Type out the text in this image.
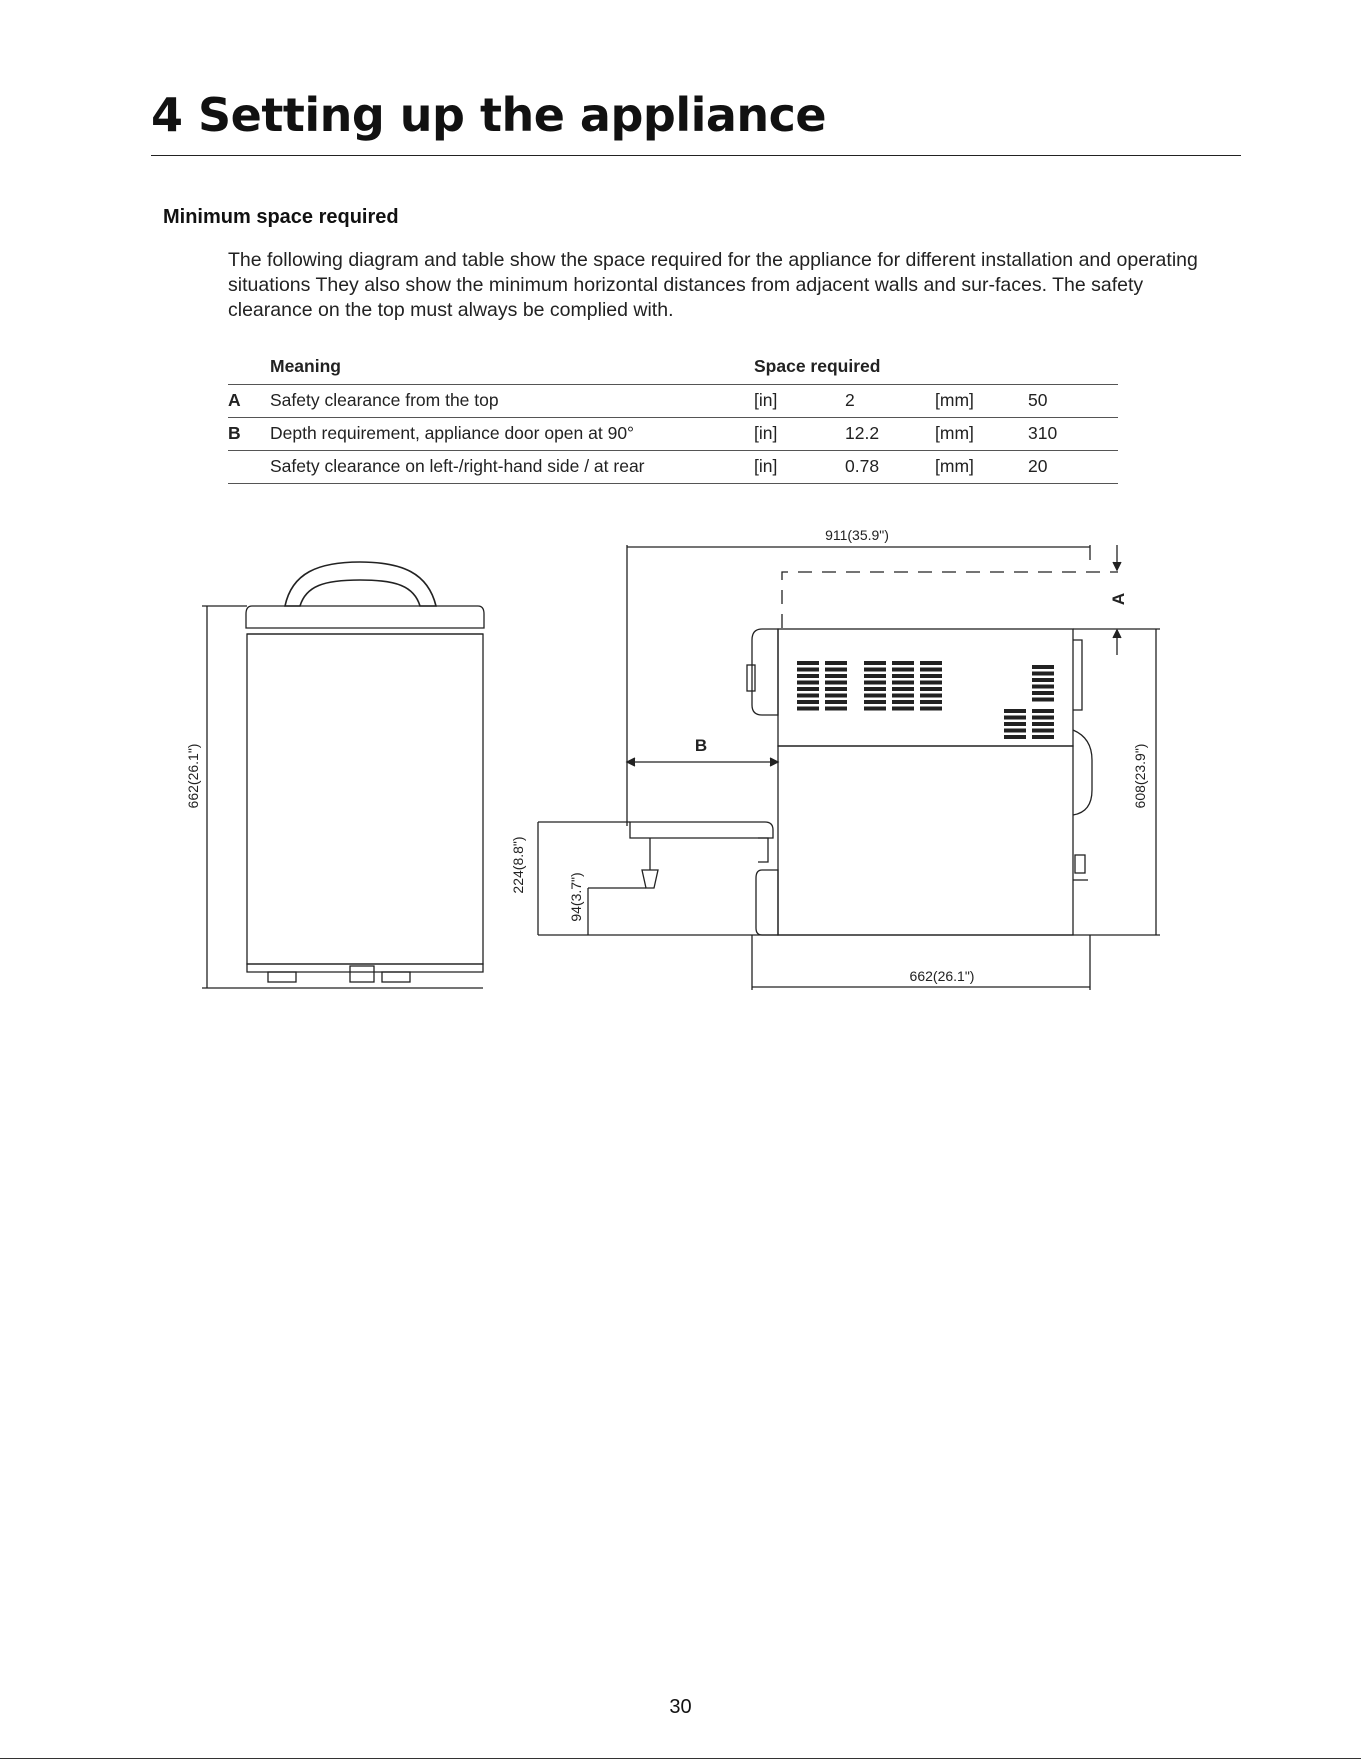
4 Setting up the appliance
Minimum space required

The following diagram and table show the space required for the appliance for different installation and operating situations They also show the minimum horizontal distances from adjacent walls and sur-faces. The safety clearance on the top must always be complied with.

	Meaning	Space required			
A	Safety clearance from the top	[in]	2	[mm]	50
B	Depth requirement, appliance door open at 90°	[in]	12.2	[mm]	310
	Safety clearance on left-/right-hand side / at rear	[in]	0.78	[mm]	20
662(26.1")
911(35.9")
A
B	608(23.9")
224(8.8")
94(3.7")
662(26.1")
30
